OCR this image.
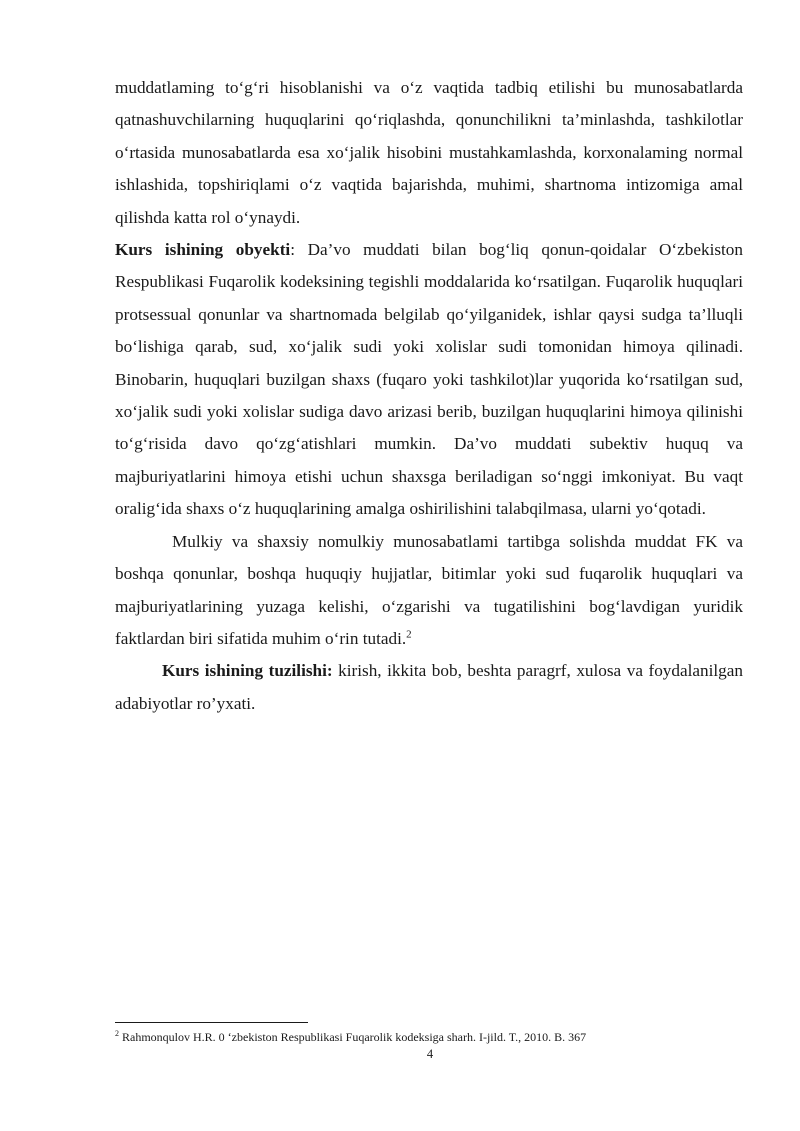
muddatlaming to‘g‘ri hisoblanishi va o‘z vaqtida tadbiq etilishi bu munosabatlarda qatnashuvchilarning huquqlarini qo‘riqlashda, qonunchilikni ta’minlashda, tashkilotlar o‘rtasida munosabatlarda esa xo‘jalik hisobini mustahkamlashda, korxonalaming normal ishlashida, topshiriqlami o‘z vaqtida bajarishda, muhimi, shartnoma intizomiga amal qilishda katta rol o‘ynaydi.

Kurs ishining obyekti: Da’vo muddati bilan bog‘liq qonun-qoidalar O‘zbekiston Respublikasi Fuqarolik kodeksining tegishli moddalarida ko‘rsatilgan. Fuqarolik huquqlari protsessual qonunlar va shartnomada belgilab qo‘yilganidek, ishlar qaysi sudga ta’lluqli bo‘lishiga qarab, sud, xo‘jalik sudi yoki xolislar sudi tomonidan himoya qilinadi. Binobarin, huquqlari buzilgan shaxs (fuqaro yoki tashkilot)lar yuqorida ko‘rsatilgan sud, xo‘jalik sudi yoki xolislar sudiga davo arizasi berib, buzilgan huquqlarini himoya qilinishi to‘g‘risida davo qo‘zg‘atishlari mumkin. Da’vo muddati subektiv huquq va majburiyatlarini himoya etishi uchun shaxsga beriladigan so‘nggi imkoniyat. Bu vaqt oralig‘ida shaxs o‘z huquqlarining amalga oshirilishini talabqilmasa, ularni yo‘qotadi.

Mulkiy va shaxsiy nomulkiy munosabatlami tartibga solishda muddat FK va boshqa qonunlar, boshqa huquqiy hujjatlar, bitimlar yoki sud fuqarolik huquqlari va majburiyatlarining yuzaga kelishi, o‘zgarishi va tugatilishini bog‘lavdigan yuridik faktlardan biri sifatida muhim o‘rin tutadi.$^2$

Kurs ishining tuzilishi: kirish, ikkita bob, beshta paragrf, xulosa va foydalanilgan adabiyotlar ro’yxati.

$^2$ Rahmonqulov H.R. 0 ‘zbekiston Respublikasi Fuqarolik kodeksiga sharh. I-jild. T., 2010. B. 367
4
